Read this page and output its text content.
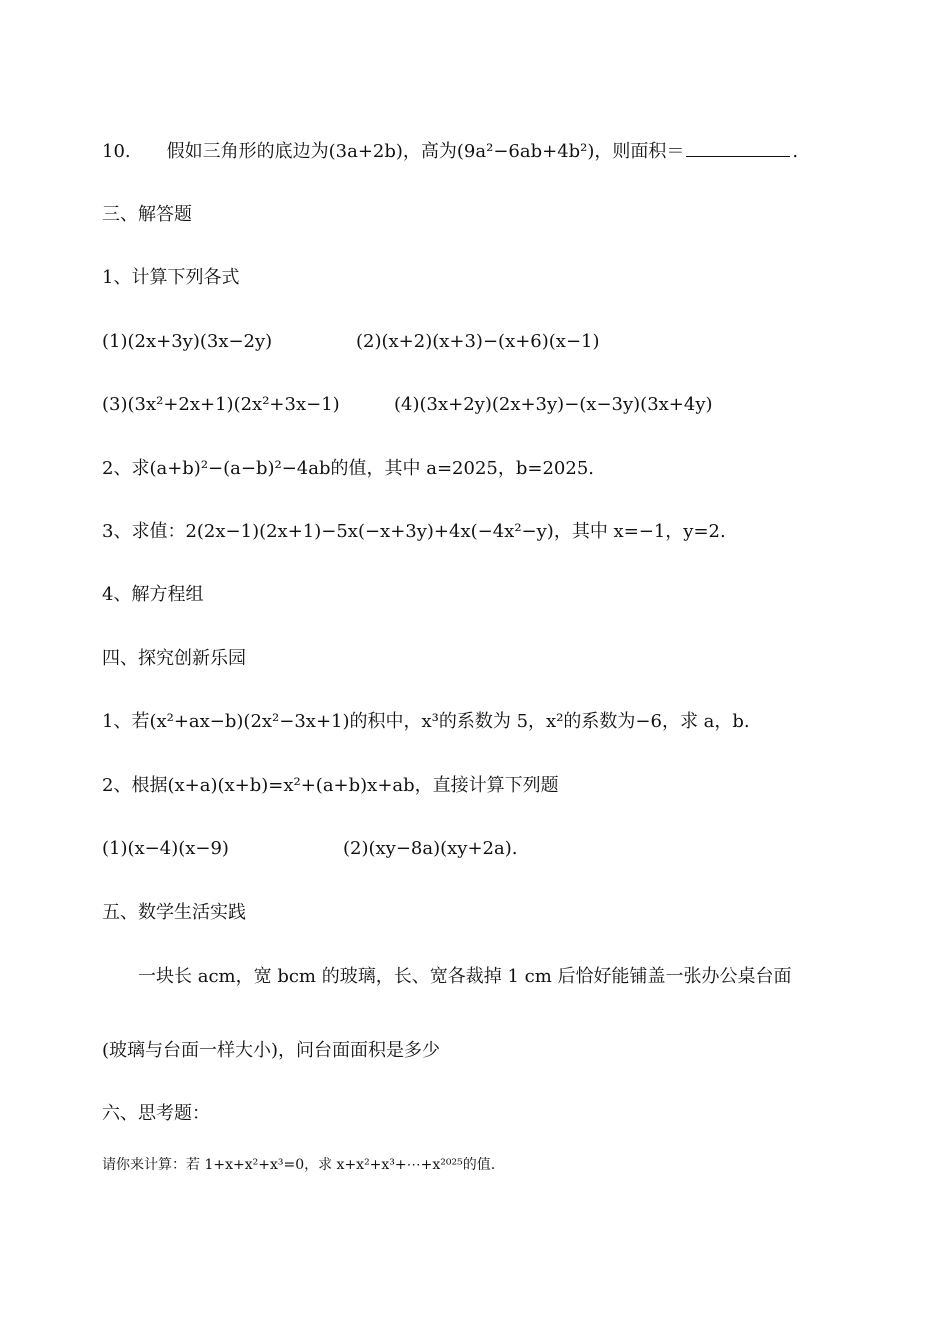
10.　　假如三角形的底边为(3a+2b)，高为(9a²−6ab+4b²)，则面积＝	.
三、解答题
1、计算下列各式
(1)(2x+3y)(3x−2y)	(2)(x+2)(x+3)−(x+6)(x−1)
(3)(3x²+2x+1)(2x²+3x−1)	(4)(3x+2y)(2x+3y)−(x−3y)(3x+4y)
2、求(a+b)²−(a−b)²−4ab的值，其中 a=2025，b=2025.
3、求值：2(2x−1)(2x+1)−5x(−x+3y)+4x(−4x²−y)，其中 x=−1，y=2.
4、解方程组
四、探究创新乐园
1、若(x²+ax−b)(2x²−3x+1)的积中，x³的系数为 5，x²的系数为−6，求 a，b.
2、根据(x+a)(x+b)=x²+(a+b)x+ab，直接计算下列题
(1)(x−4)(x−9)	(2)(xy−8a)(xy+2a).
五、数学生活实践
一块长 acm，宽 bcm 的玻璃，长、宽各裁掉 1 cm 后恰好能铺盖一张办公桌台面
(玻璃与台面一样大小)，问台面面积是多少
六、思考题：
请你来计算：若 1+x+x²+x³=0，求 x+x²+x³+⋯+x²⁰²⁵的值.
